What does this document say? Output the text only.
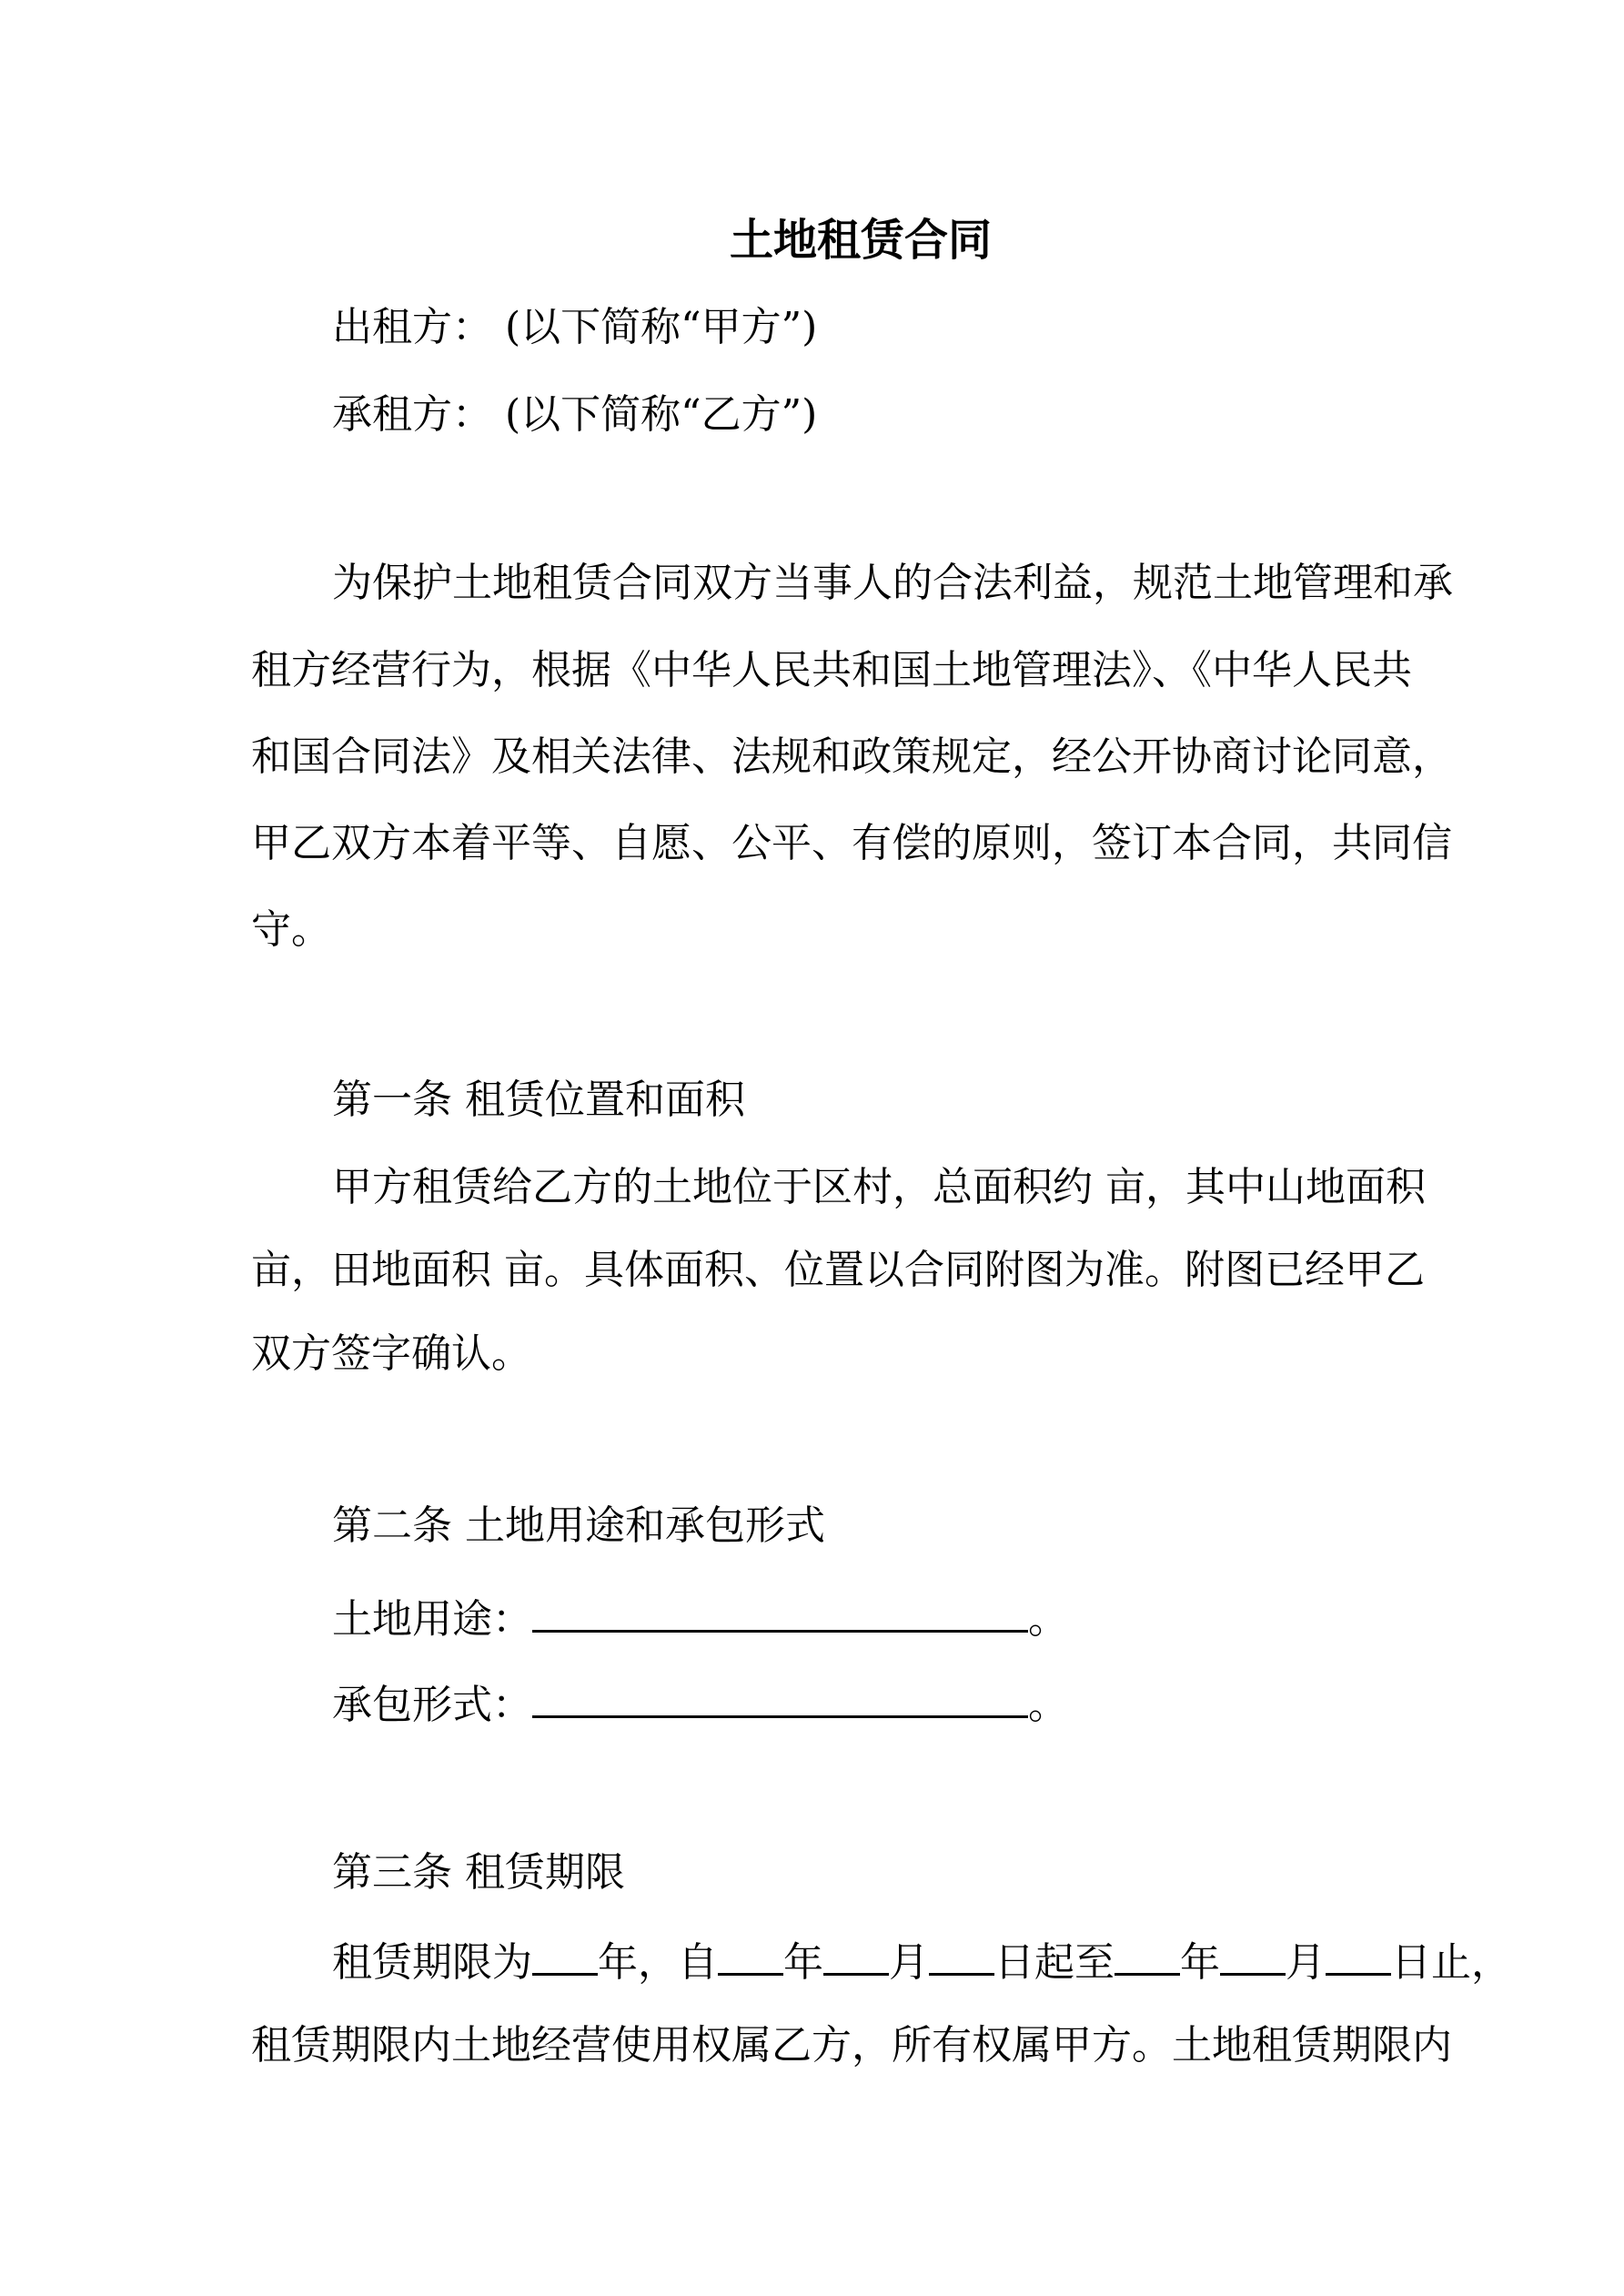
土地租赁合同
出租方： (以下简称“甲方”)
承租方： (以下简称“乙方”)
为保护土地租赁合同双方当事人的合法利益，规范土地管理和承
租方经营行为，根据《中华人民共和国土地管理法》、《中华人民共
和国合同法》及相关法律、法规和政策规定，经公开协商讨论同意，
甲乙双方本着平等、自愿、公平、有偿的原则，签订本合同，共同信
守。
第一条 租赁位置和面积
甲方租赁给乙方的土地位于区村，总面积约 亩，其中山地面积
亩，田地面积 亩。具体面积、位置以合同附图为准。附图已经甲乙
双方签字确认。
第二条 土地用途和承包形式
土地用途：	。
承包形式：	。
第三条 租赁期限
租赁期限为 年，自 年 月 日起至 年 月 日止，
租赁期限内土地经营使用权属乙方，所有权属甲方。土地租赁期限内
